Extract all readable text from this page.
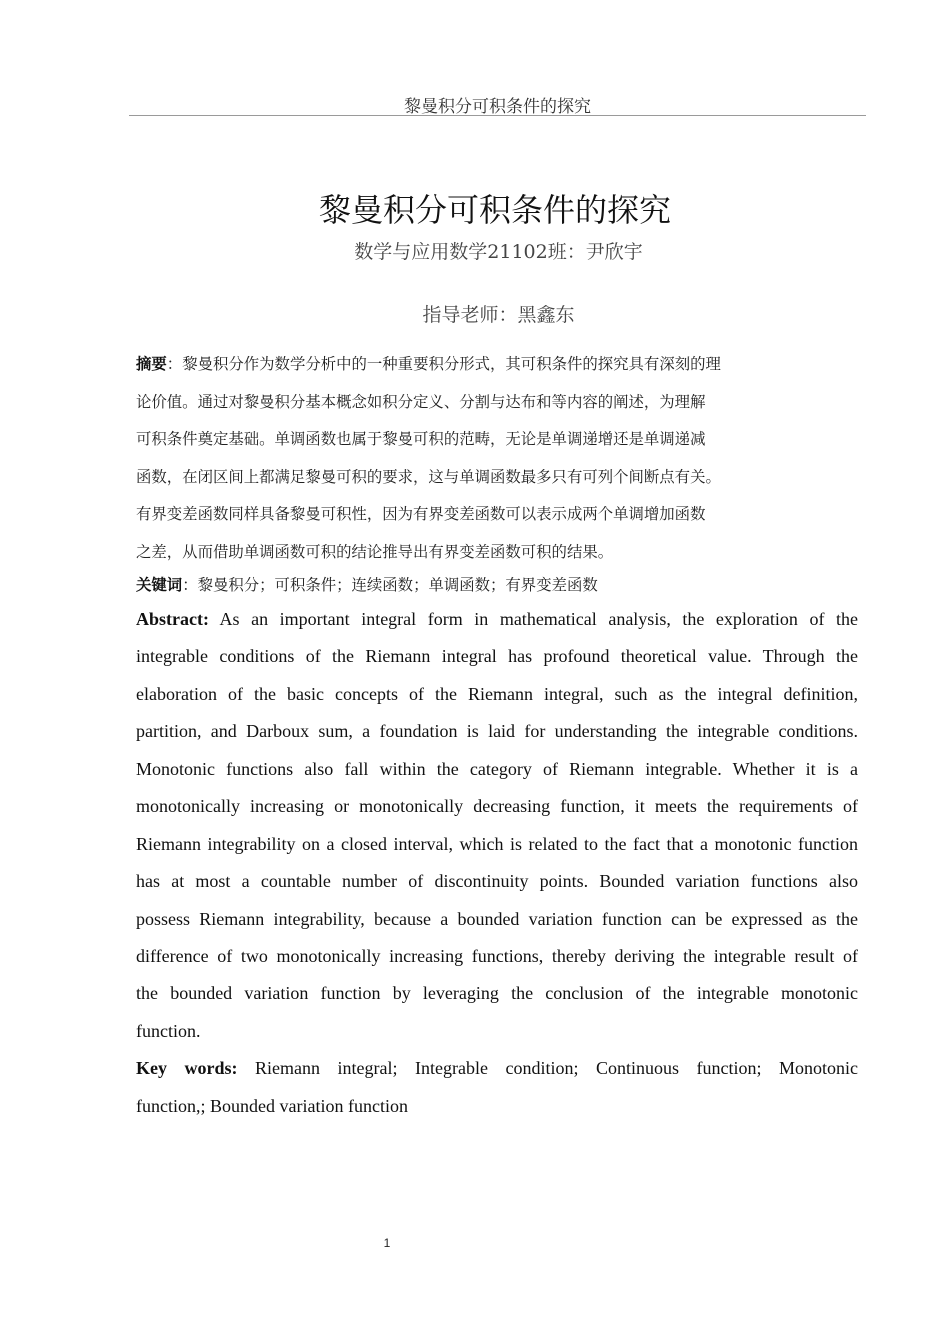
黎曼积分可积条件的探究
黎曼积分可积条件的探究
数学与应用数学21102班：尹欣宇
指导老师：黑鑫东
摘要：黎曼积分作为数学分析中的一种重要积分形式，其可积条件的探究具有深刻的理
论价值。通过对黎曼积分基本概念如积分定义、分割与达布和等内容的阐述，为理解
可积条件奠定基础。单调函数也属于黎曼可积的范畴，无论是单调递增还是单调递减
函数，在闭区间上都满足黎曼可积的要求，这与单调函数最多只有可列个间断点有关。
有界变差函数同样具备黎曼可积性，因为有界变差函数可以表示成两个单调增加函数
之差，从而借助单调函数可积的结论推导出有界变差函数可积的结果。
关键词：黎曼积分；可积条件；连续函数；单调函数；有界变差函数
Abstract: As an important integral form in mathematical analysis, the exploration of the
integrable conditions of the Riemann integral has profound theoretical value. Through the
elaboration of the basic concepts of the Riemann integral, such as the integral definition,
partition, and Darboux sum, a foundation is laid for understanding the integrable conditions.
Monotonic functions also fall within the category of Riemann integrable. Whether it is a
monotonically increasing or monotonically decreasing function, it meets the requirements of
Riemann integrability on a closed interval, which is related to the fact that a monotonic function
has at most a countable number of discontinuity points. Bounded variation functions also
possess Riemann integrability, because a bounded variation function can be expressed as the
difference of two monotonically increasing functions, thereby deriving the integrable result of
the bounded variation function by leveraging the conclusion of the integrable monotonic
function.
Key words: Riemann integral; Integrable condition; Continuous function; Monotonic
function,; Bounded variation function
1
